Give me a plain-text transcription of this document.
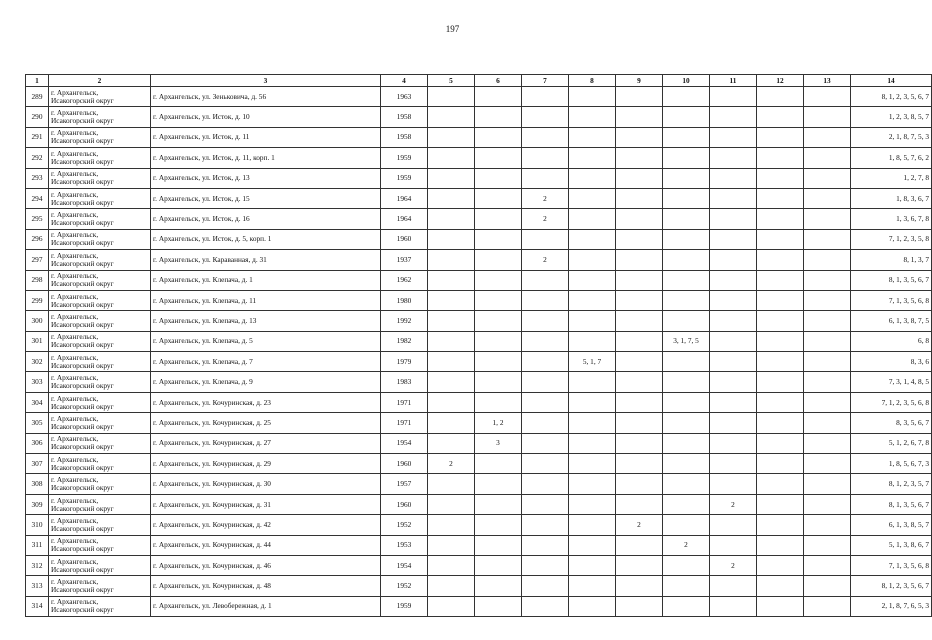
197
1	2	3	4	5	6	7	8	9	10	11	12	13	14
289	г. Архангельск,
Исакогорский округ	г. Архангельск, ул. Зеньковича, д. 56	1963										8, 1, 2, 3, 5, 6, 7
290	г. Архангельск,
Исакогорский округ	г. Архангельск, ул. Исток, д. 10	1958										1, 2, 3, 8, 5, 7
291	г. Архангельск,
Исакогорский округ	г. Архангельск, ул. Исток, д. 11	1958										2, 1, 8, 7, 5, 3
292	г. Архангельск,
Исакогорский округ	г. Архангельск, ул. Исток, д. 11, корп. 1	1959										1, 8, 5, 7, 6, 2
293	г. Архангельск,
Исакогорский округ	г. Архангельск, ул. Исток, д. 13	1959										1, 2, 7, 8
294	г. Архангельск,
Исакогорский округ	г. Архангельск, ул. Исток, д. 15	1964			2							1, 8, 3, 6, 7
295	г. Архангельск,
Исакогорский округ	г. Архангельск, ул. Исток, д. 16	1964			2							1, 3, 6, 7, 8
296	г. Архангельск,
Исакогорский округ	г. Архангельск, ул. Исток, д. 5, корп. 1	1960										7, 1, 2, 3, 5, 8
297	г. Архангельск,
Исакогорский округ	г. Архангельск, ул. Караванная, д. 31	1937			2							8, 1, 3, 7
298	г. Архангельск,
Исакогорский округ	г. Архангельск, ул. Клепача, д. 1	1962										8, 1, 3, 5, 6, 7
299	г. Архангельск,
Исакогорский округ	г. Архангельск, ул. Клепача, д. 11	1980										7, 1, 3, 5, 6, 8
300	г. Архангельск,
Исакогорский округ	г. Архангельск, ул. Клепача, д. 13	1992										6, 1, 3, 8, 7, 5
301	г. Архангельск,
Исакогорский округ	г. Архангельск, ул. Клепача, д. 5	1982						3, 1, 7, 5				6, 8
302	г. Архангельск,
Исакогорский округ	г. Архангельск, ул. Клепача, д. 7	1979				5, 1, 7						8, 3, 6
303	г. Архангельск,
Исакогорский округ	г. Архангельск, ул. Клепача, д. 9	1983										7, 3, 1, 4, 8, 5
304	г. Архангельск,
Исакогорский округ	г. Архангельск, ул. Кочуринская, д. 23	1971										7, 1, 2, 3, 5, 6, 8
305	г. Архангельск,
Исакогорский округ	г. Архангельск, ул. Кочуринская, д. 25	1971		1, 2								8, 3, 5, 6, 7
306	г. Архангельск,
Исакогорский округ	г. Архангельск, ул. Кочуринская, д. 27	1954		3								5, 1, 2, 6, 7, 8
307	г. Архангельск,
Исакогорский округ	г. Архангельск, ул. Кочуринская, д. 29	1960	2									1, 8, 5, 6, 7, 3
308	г. Архангельск,
Исакогорский округ	г. Архангельск, ул. Кочуринская, д. 30	1957										8, 1, 2, 3, 5, 7
309	г. Архангельск,
Исакогорский округ	г. Архангельск, ул. Кочуринская, д. 31	1960							2			8, 1, 3, 5, 6, 7
310	г. Архангельск,
Исакогорский округ	г. Архангельск, ул. Кочуринская, д. 42	1952					2					6, 1, 3, 8, 5, 7
311	г. Архангельск,
Исакогорский округ	г. Архангельск, ул. Кочуринская, д. 44	1953						2				5, 1, 3, 8, 6, 7
312	г. Архангельск,
Исакогорский округ	г. Архангельск, ул. Кочуринская, д. 46	1954							2			7, 1, 3, 5, 6, 8
313	г. Архангельск,
Исакогорский округ	г. Архангельск, ул. Кочуринская, д. 48	1952										8, 1, 2, 3, 5, 6, 7
314	г. Архангельск,
Исакогорский округ	г. Архангельск, ул. Левобережная, д. 1	1959										2, 1, 8, 7, 6, 5, 3
